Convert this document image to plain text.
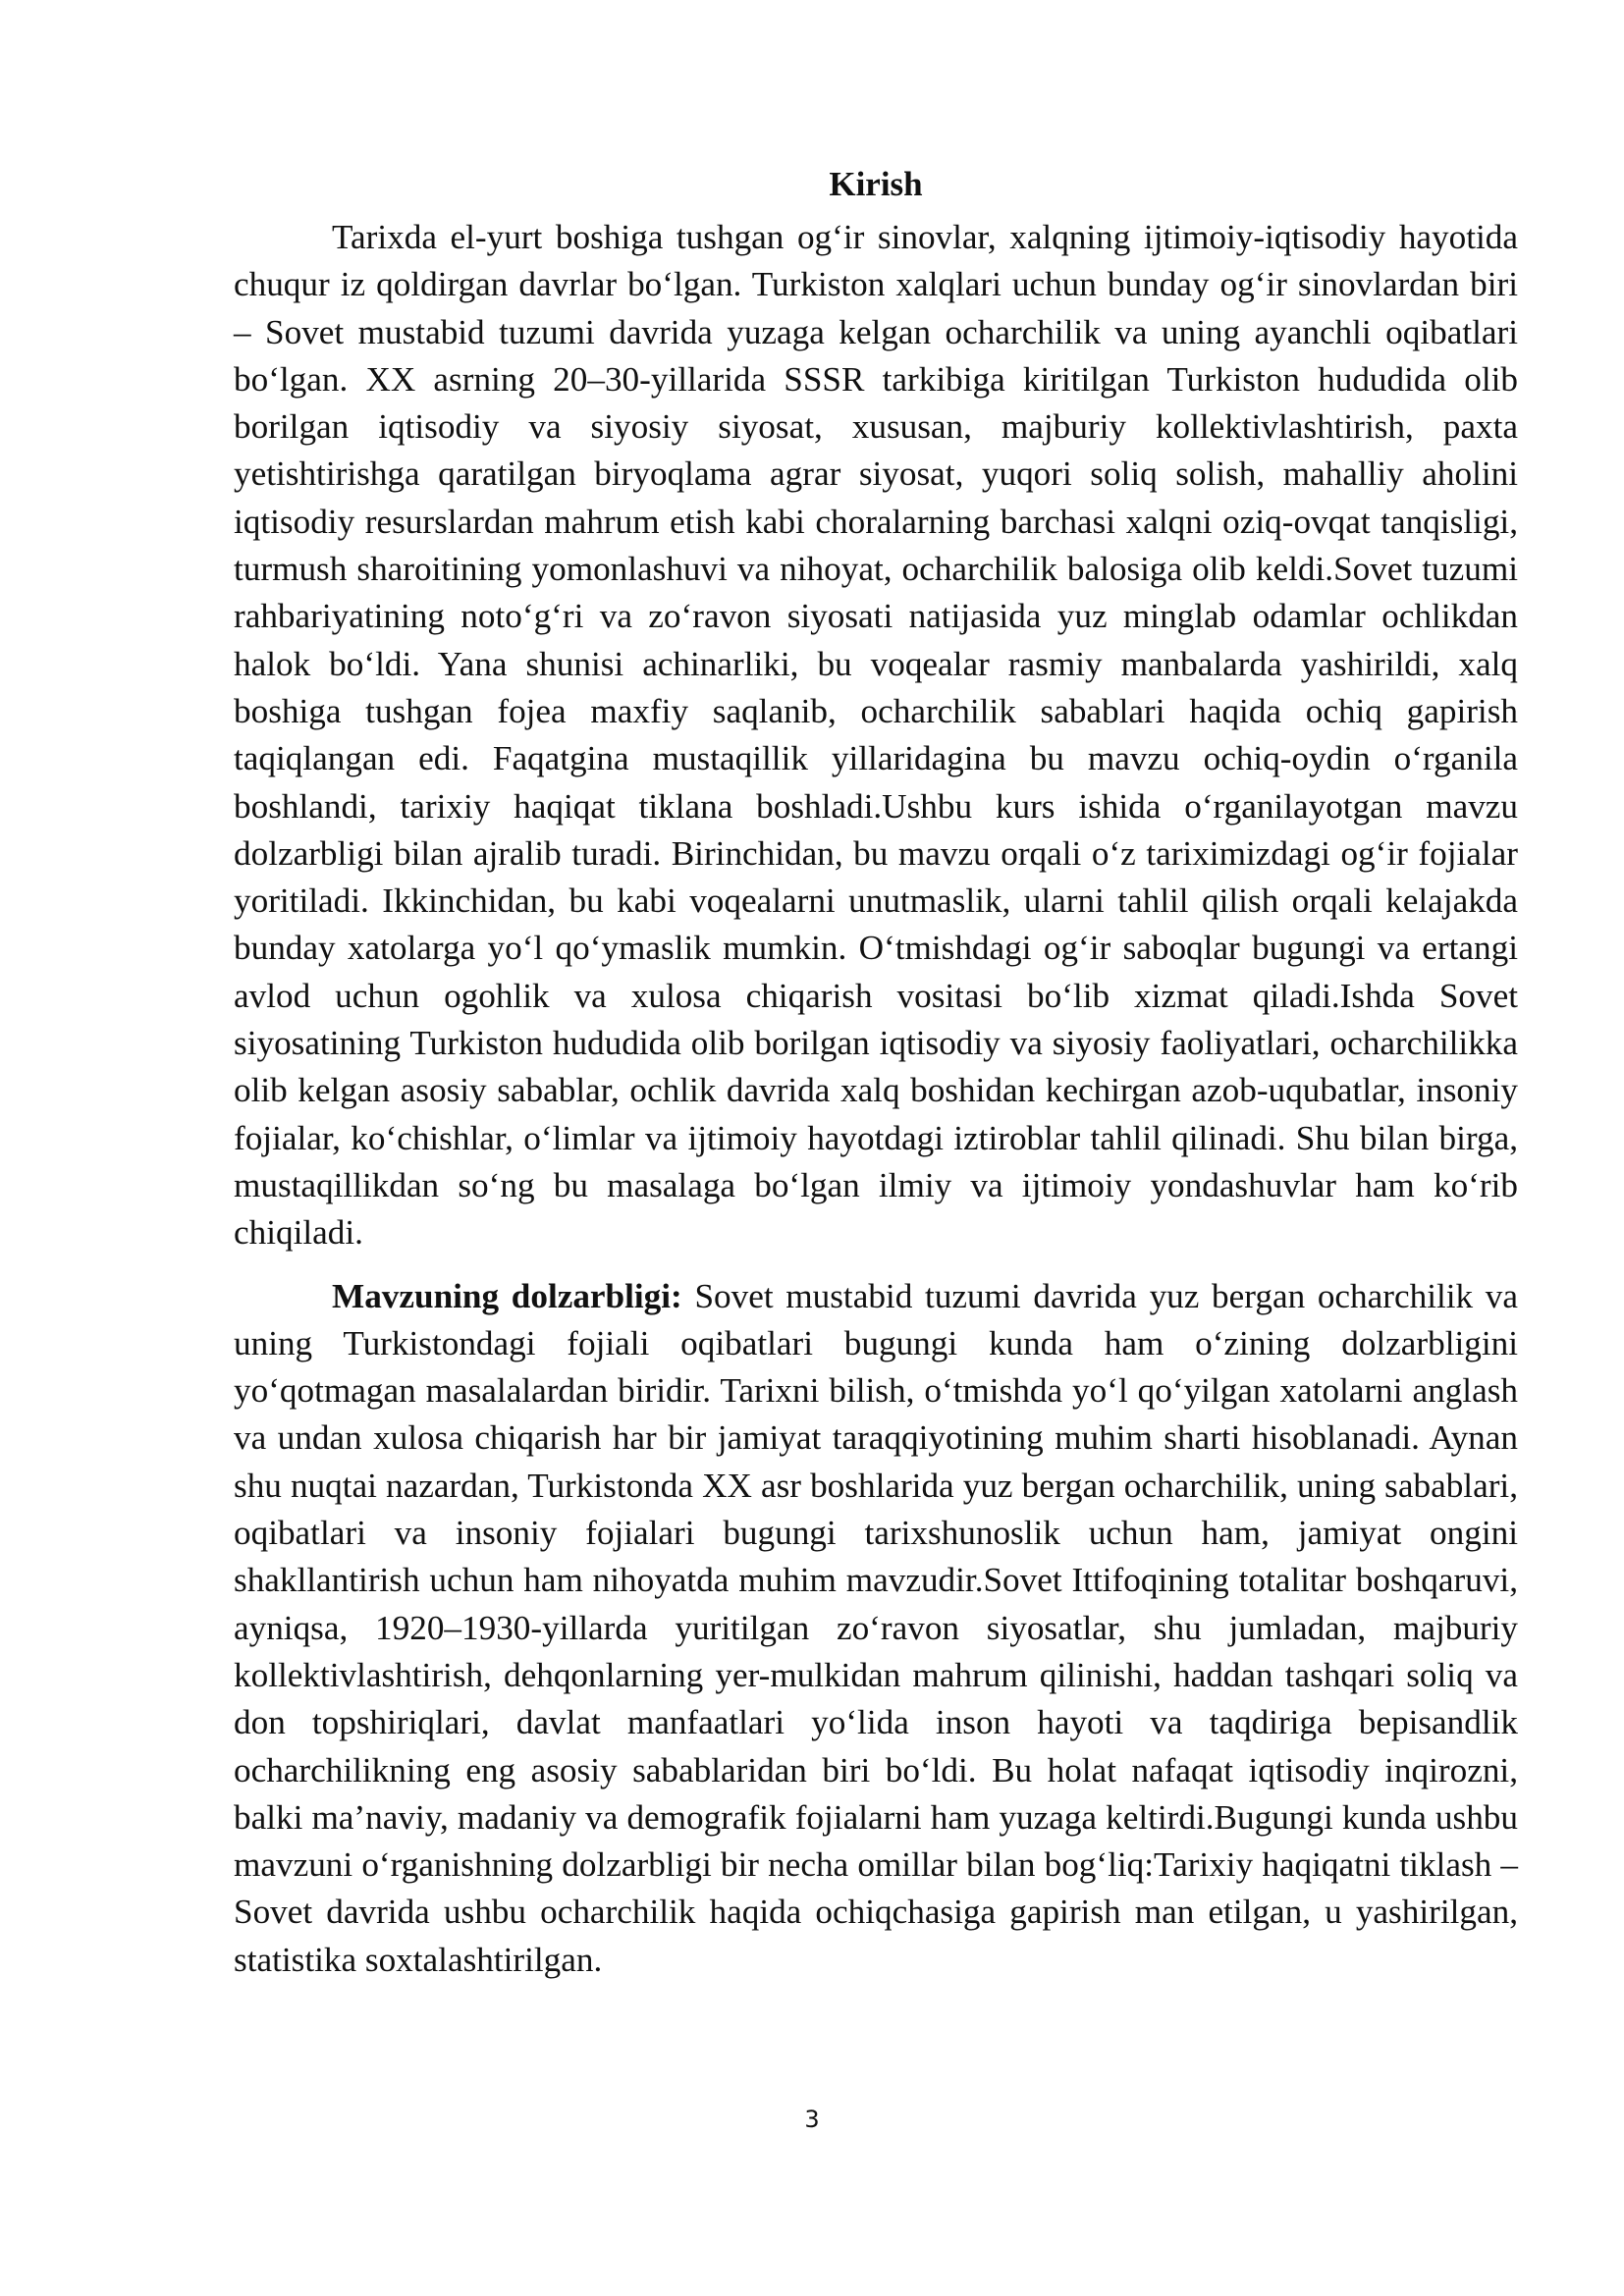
Kirish

Tarixda el-yurt boshiga tushgan og‘ir sinovlar, xalqning ijtimoiy-iqtisodiy hayotida chuqur iz qoldirgan davrlar bo‘lgan. Turkiston xalqlari uchun bunday og‘ir sinovlardan biri – Sovet mustabid tuzumi davrida yuzaga kelgan ocharchilik va uning ayanchli oqibatlari bo‘lgan. XX asrning 20–30-yillarida SSSR tarkibiga kiritilgan Turkiston hududida olib borilgan iqtisodiy va siyosiy siyosat, xususan, majburiy kollektivlashtirish, paxta yetishtirishga qaratilgan biryoqlama agrar siyosat, yuqori soliq solish, mahalliy aholini iqtisodiy resurslardan mahrum etish kabi choralarning barchasi xalqni oziq-ovqat tanqisligi, turmush sharoitining yomonlashuvi va nihoyat, ocharchilik balosiga olib keldi.Sovet tuzumi rahbariyatining noto‘g‘ri va zo‘ravon siyosati natijasida yuz minglab odamlar ochlikdan halok bo‘ldi. Yana shunisi achinarliki, bu voqealar rasmiy manbalarda yashirildi, xalq boshiga tushgan fojea maxfiy saqlanib, ocharchilik sabablari haqida ochiq gapirish taqiqlangan edi. Faqatgina mustaqillik yillaridagina bu mavzu ochiq-oydin o‘rganila boshlandi, tarixiy haqiqat tiklana boshladi.Ushbu kurs ishida o‘rganilayotgan mavzu dolzarbligi bilan ajralib turadi. Birinchidan, bu mavzu orqali o‘z tariximizdagi og‘ir fojialar yoritiladi. Ikkinchidan, bu kabi voqealarni unutmaslik, ularni tahlil qilish orqali kelajakda bunday xatolarga yo‘l qo‘ymaslik mumkin. O‘tmishdagi og‘ir saboqlar bugungi va ertangi avlod uchun ogohlik va xulosa chiqarish vositasi bo‘lib xizmat qiladi.Ishda Sovet siyosatining Turkiston hududida olib borilgan iqtisodiy va siyosiy faoliyatlari, ocharchilikka olib kelgan asosiy sabablar, ochlik davrida xalq boshidan kechirgan azob-uqubatlar, insoniy fojialar, ko‘chishlar, o‘limlar va ijtimoiy hayotdagi iztiroblar tahlil qilinadi. Shu bilan birga, mustaqillikdan so‘ng bu masalaga bo‘lgan ilmiy va ijtimoiy yondashuvlar ham ko‘rib chiqiladi.

Mavzuning dolzarbligi: Sovet mustabid tuzumi davrida yuz bergan ocharchilik va uning Turkistondagi fojiali oqibatlari bugungi kunda ham o‘zining dolzarbligini yo‘qotmagan masalalardan biridir. Tarixni bilish, o‘tmishda yo‘l qo‘yilgan xatolarni anglash va undan xulosa chiqarish har bir jamiyat taraqqiyotining muhim sharti hisoblanadi. Aynan shu nuqtai nazardan, Turkistonda XX asr boshlarida yuz bergan ocharchilik, uning sabablari, oqibatlari va insoniy fojialari bugungi tarixshunoslik uchun ham, jamiyat ongini shakllantirish uchun ham nihoyatda muhim mavzudir.Sovet Ittifoqining totalitar boshqaruvi, ayniqsa, 1920–1930-yillarda yuritilgan zo‘ravon siyosatlar, shu jumladan, majburiy kollektivlashtirish, dehqonlarning yer-mulkidan mahrum qilinishi, haddan tashqari soliq va don topshiriqlari, davlat manfaatlari yo‘lida inson hayoti va taqdiriga bepisandlik ocharchilikning eng asosiy sabablaridan biri bo‘ldi. Bu holat nafaqat iqtisodiy inqirozni, balki ma’naviy, madaniy va demografik fojialarni ham yuzaga keltirdi.Bugungi kunda ushbu mavzuni o‘rganishning dolzarbligi bir necha omillar bilan bog‘liq:Tarixiy haqiqatni tiklash – Sovet davrida ushbu ocharchilik haqida ochiqchasiga gapirish man etilgan, u yashirilgan, statistika soxtalashtirilgan.

3
